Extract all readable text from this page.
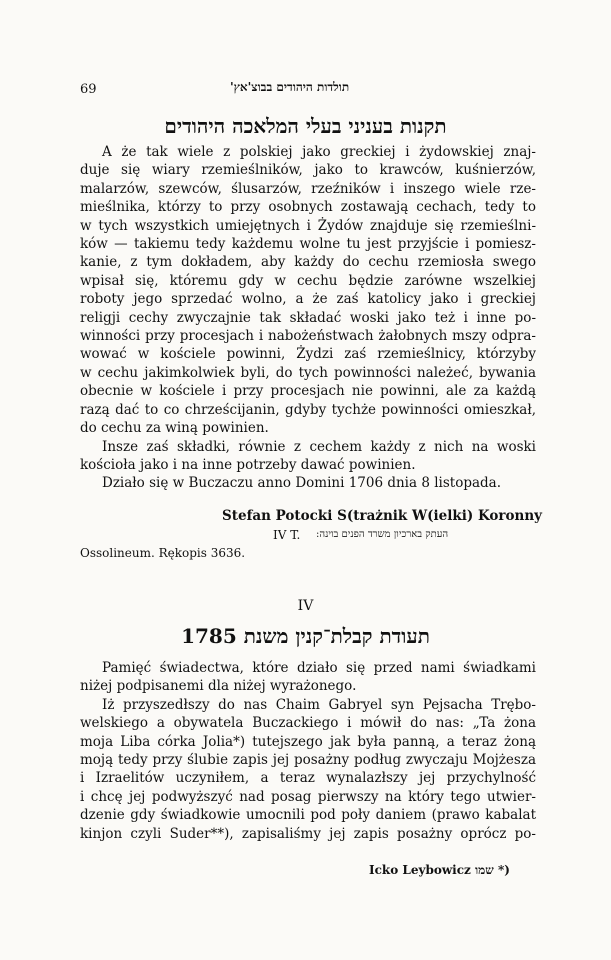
69	תולדות היהודים בבוצ'אץ'
תקנות בעניני בעלי המלאכה היהודים
A że tak wiele z polskiej jako greckiej i żydowskiej znaj-
duje się wiary rzemieślników, jako to krawców, kuśnierzów,
malarzów, szewców, ślusarzów, rzeźników i inszego wiele rze-
mieślnika, którzy to przy osobnych zostawają cechach, tedy to
w tych wszystkich umiejętnych i Żydów znajduje się rzemieślni-
ków — takiemu tedy każdemu wolne tu jest przyjście i pomiesz-
kanie, z tym dokładem, aby każdy do cechu rzemiosła swego
wpisał się, któremu gdy w cechu będzie zarówne wszelkiej
roboty jego sprzedać wolno, a że zaś katolicy jako i greckiej
religji cechy zwyczajnie tak składać woski jako też i inne po-
winności przy procesjach i nabożeństwach żałobnych mszy odpra-
wować w kościele powinni, Żydzi zaś rzemieślnicy, którzyby
w cechu jakimkolwiek byli, do tych powinności należeć, bywania
obecnie w kościele i przy procesjach nie powinni, ale za każdą
razą dać to co chrześcijanin, gdyby tychże powinności omieszkał,
do cechu za winą powinien.
Insze zaś składki, równie z cechem każdy z nich na woski
kościoła jako i na inne potrzeby dawać powinien.
Działo się w Buczaczu anno Domini 1706 dnia 8 listopada.
Stefan Potocki S(trażnik W(ielki) Koronny
IV T. העתק בארכיון משרד הפנים בוינה:
Ossolineum. Rękopis 3636.
IV
תעודת קבלת־קנין משנת 1785
Pamięć świadectwa, które działo się przed nami świadkami
niżej podpisanemi dla niżej wyrażonego.
Iż przyszedłszy do nas Chaim Gabryel syn Pejsacha Trębo-
welskiego a obywatela Buczackiego i mówił do nas: „Ta żona
moja Liba córka Jolia*) tutejszego jak była panną, a teraz żoną
moją tedy przy ślubie zapis jej posażny podług zwyczaju Mojżesza
i Izraelitów uczyniłem, a teraz wynalazłszy jej przychylność
i chcę jej podwyższyć nad posag pierwszy na który tego utwier-
dzenie gdy świadkowie umocnili pod poły daniem (prawo kabalat
kinjon czyli Suder**), zapisaliśmy jej zapis posażny oprócz po-
Icko Leybowicz שמו *)
